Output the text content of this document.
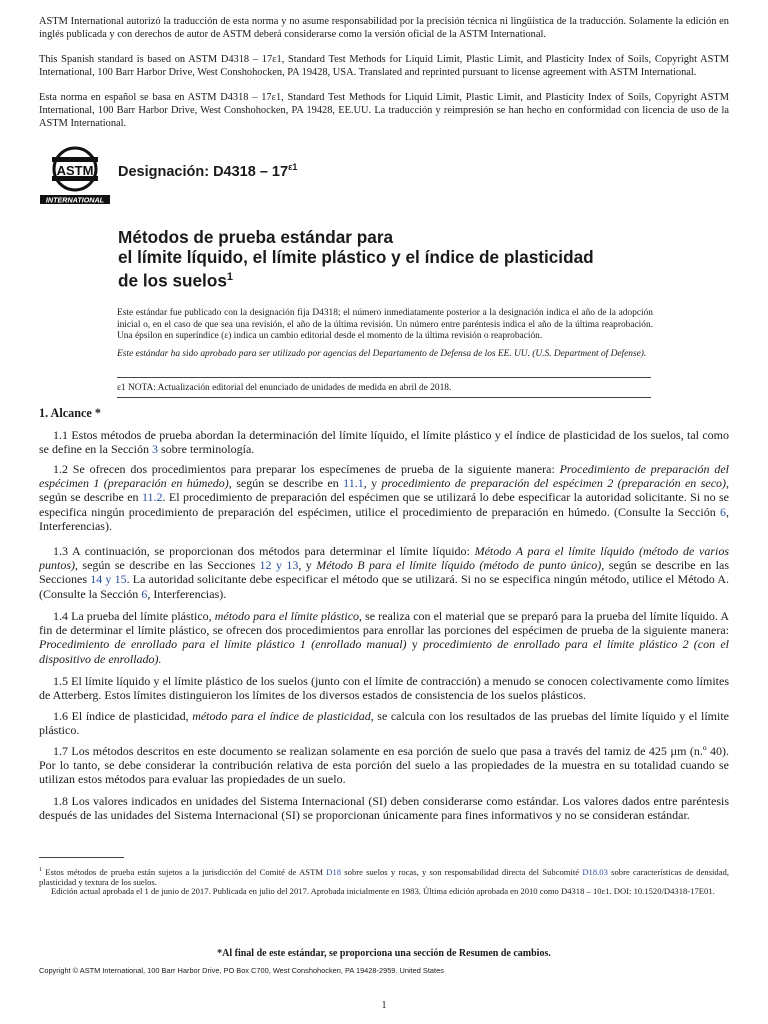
ASTM International autorizó la traducción de esta norma y no asume responsabilidad por la precisión técnica ni lingüística de la traducción. Solamente la edición en inglés publicada y con derechos de autor de ASTM deberá considerarse como la versión oficial de la ASTM International.
This Spanish standard is based on ASTM D4318 – 17ε1, Standard Test Methods for Liquid Limit, Plastic Limit, and Plasticity Index of Soils, Copyright ASTM International, 100 Barr Harbor Drive, West Conshohocken, PA 19428, USA. Translated and reprinted pursuant to license agreement with ASTM International.
Esta norma en español se basa en ASTM D4318 – 17ε1, Standard Test Methods for Liquid Limit, Plastic Limit, and Plasticity Index of Soils, Copyright ASTM International, 100 Barr Harbor Drive, West Conshohocken, PA 19428, EE.UU. La traducción y reimpresión se han hecho en conformidad con licencia de uso de la ASTM International.
ASTM
INTERNATIONAL
Designación: $D4318 - 17^{\varepsilon 1}$
Métodos de prueba estándar para
el límite líquido, el límite plástico y el índice de plasticidad
de los suelos$^1$
Este estándar fue publicado con la designación fija D4318; el número inmediatamente posterior a la designación indica el año de la adopción inicial o, en el caso de que sea una revisión, el año de la última revisión. Un número entre paréntesis indica el año de la última reaprobación. Una épsilon en superíndice (ε) indica un cambio editorial desde el momento de la última revisión o reaprobación.
Este estándar ha sido aprobado para ser utilizado por agencias del Departamento de Defensa de los EE. UU. (U.S. Department of Defense).
ε1 NOTA: Actualización editorial del enunciado de unidades de medida en abril de 2018.
1. Alcance *
1.1 Estos métodos de prueba abordan la determinación del límite líquido, el límite plástico y el índice de plasticidad de los suelos, tal como se define en la Sección 3 sobre terminología.
1.2 Se ofrecen dos procedimientos para preparar los especímenes de prueba de la siguiente manera: Procedimiento de preparación del espécimen 1 (preparación en húmedo), según se describe en 11.1, y procedimiento de preparación del espécimen 2 (preparación en seco), según se describe en 11.2. El procedimiento de preparación del espécimen que se utilizará lo debe especificar la autoridad solicitante. Si no se especifica ningún procedimiento de preparación del espécimen, utilice el procedimiento de preparación en húmedo. (Consulte la Sección 6, Interferencias).
1.3 A continuación, se proporcionan dos métodos para determinar el límite líquido: Método A para el límite líquido (método de varios puntos), según se describe en las Secciones 12 y 13, y Método B para el límite líquido (método de punto único), según se describe en las Secciones 14 y 15. La autoridad solicitante debe especificar el método que se utilizará. Si no se especifica ningún método, utilice el Método A. (Consulte la Sección 6, Interferencias).
1.4 La prueba del límite plástico, método para el límite plástico, se realiza con el material que se preparó para la prueba del límite líquido. A fin de determinar el límite plástico, se ofrecen dos procedimientos para enrollar las porciones del espécimen de prueba de la siguiente manera: Procedimiento de enrollado para el límite plástico 1 (enrollado manual) y procedimiento de enrollado para el límite plástico 2 (con el dispositivo de enrollado).
1.5 El límite líquido y el límite plástico de los suelos (junto con el límite de contracción) a menudo se conocen colectivamente como límites de Atterberg. Estos límites distinguieron los límites de los diversos estados de consistencia de los suelos plásticos.
1.6 El índice de plasticidad, método para el índice de plasticidad, se calcula con los resultados de las pruebas del límite líquido y el límite plástico.
1.7 Los métodos descritos en este documento se realizan solamente en esa porción de suelo que pasa a través del tamiz de 425 µm (n.º 40). Por lo tanto, se debe considerar la contribución relativa de esta porción del suelo a las propiedades de la muestra en su totalidad cuando se utilizan estos métodos para evaluar las propiedades de un suelo.
1.8 Los valores indicados en unidades del Sistema Internacional (SI) deben considerarse como estándar. Los valores dados entre paréntesis después de las unidades del Sistema Internacional (SI) se proporcionan únicamente para fines informativos y no se consideran estándar.
$^1$ Estos métodos de prueba están sujetos a la jurisdicción del Comité de ASTM D18 sobre suelos y rocas, y son responsabilidad directa del Subcomité D18.03 sobre características de densidad, plasticidad y textura de los suelos.
Edición actual aprobada el 1 de junio de 2017. Publicada en julio del 2017. Aprobada inicialmente en 1983. Última edición aprobada en 2010 como D4318 – 10ε1. DOI: 10.1520/D4318-17E01.
*Al final de este estándar, se proporciona una sección de Resumen de cambios.
Copyright © ASTM International, 100 Barr Harbor Drive, PO Box C700, West Conshohocken, PA 19428-2959. United States
1
